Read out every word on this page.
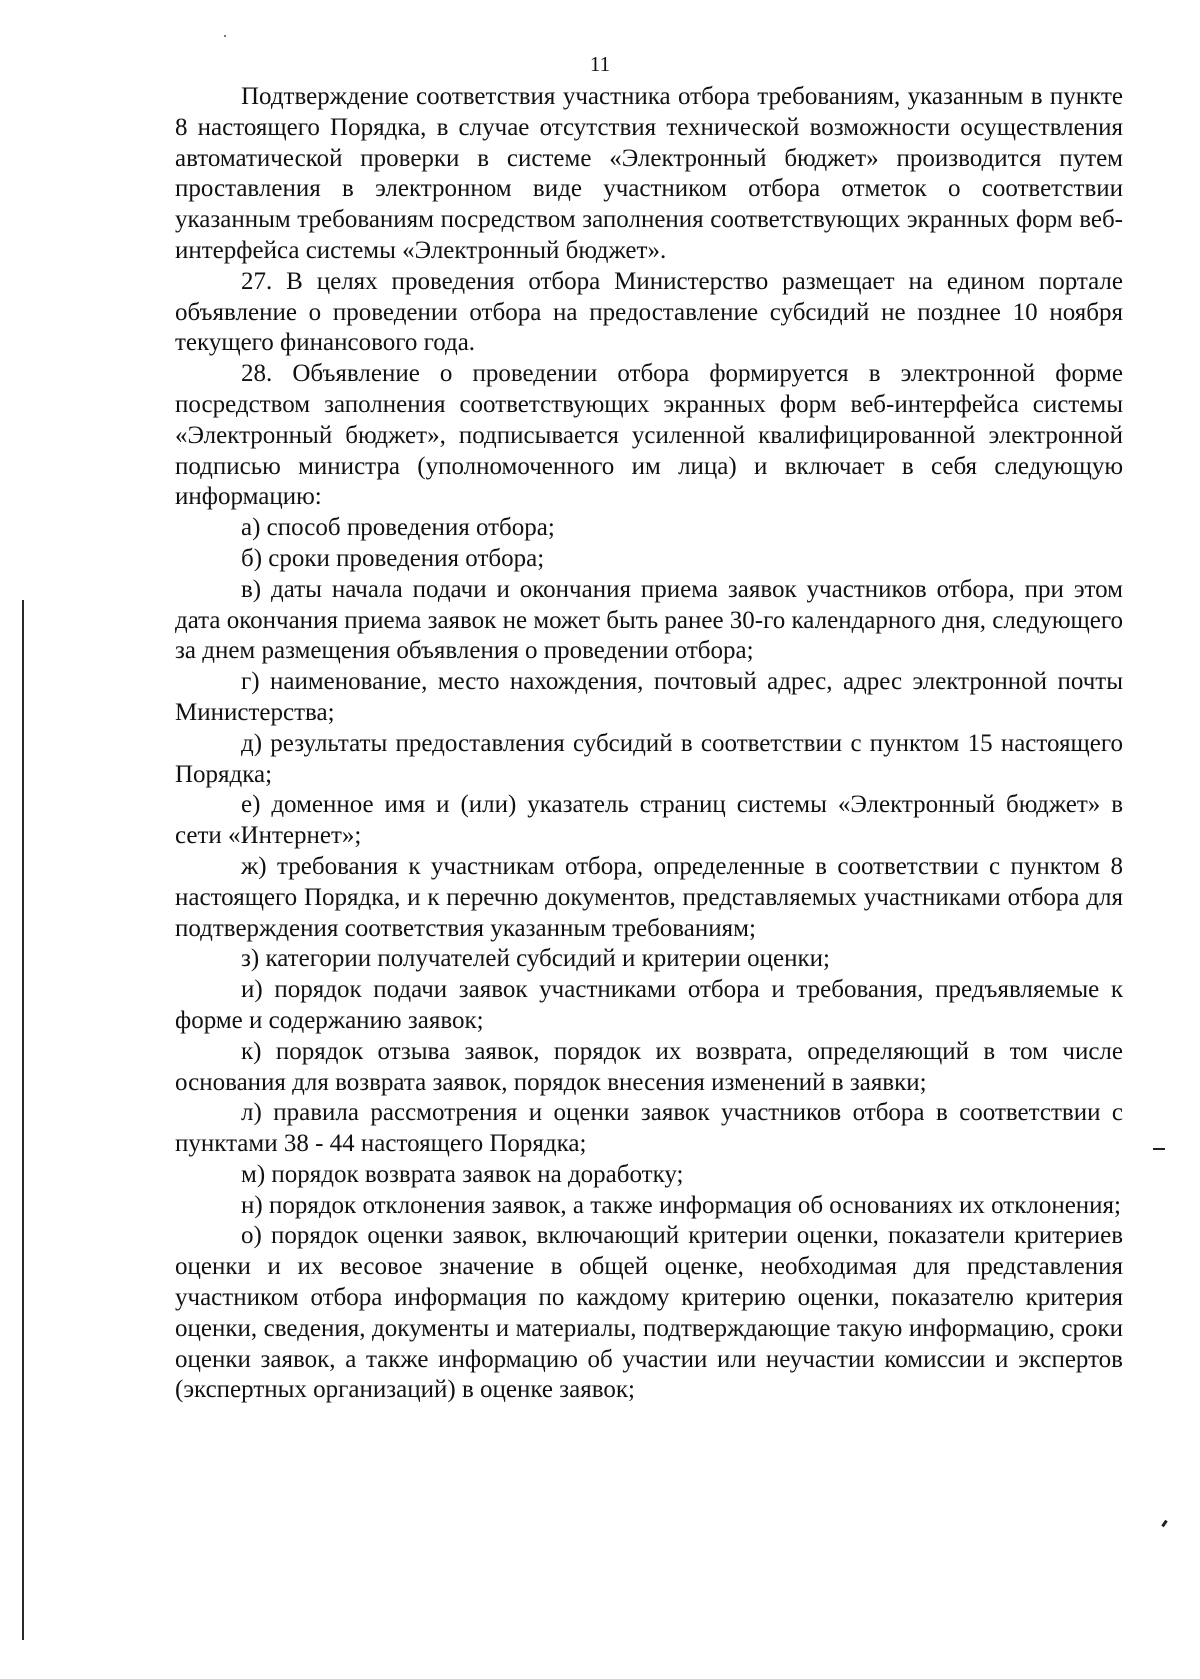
11

Подтверждение соответствия участника отбора требованиям, указанным в пункте 8 настоящего Порядка, в случае отсутствия технической возможности осуществления автоматической проверки в системе «Электронный бюджет» производится путем проставления в электронном виде участником отбора отметок о соответствии указанным требованиям посредством заполнения соответствующих экранных форм веб-интерфейса системы «Электронный бюджет».

27. В целях проведения отбора Министерство размещает на едином портале объявление о проведении отбора на предоставление субсидий не позднее 10 ноября текущего финансового года.

28. Объявление о проведении отбора формируется в электронной форме посредством заполнения соответствующих экранных форм веб-интерфейса системы «Электронный бюджет», подписывается усиленной квалифицированной электронной подписью министра (уполномоченного им лица) и включает в себя следующую информацию:

а) способ проведения отбора;

б) сроки проведения отбора;

в) даты начала подачи и окончания приема заявок участников отбора, при этом дата окончания приема заявок не может быть ранее 30-го календарного дня, следующего за днем размещения объявления о проведении отбора;

г) наименование, место нахождения, почтовый адрес, адрес электронной почты Министерства;

д) результаты предоставления субсидий в соответствии с пунктом 15 настоящего Порядка;

е) доменное имя и (или) указатель страниц системы «Электронный бюджет» в сети «Интернет»;

ж) требования к участникам отбора, определенные в соответствии с пунктом 8 настоящего Порядка, и к перечню документов, представляемых участниками отбора для подтверждения соответствия указанным требованиям;

з) категории получателей субсидий и критерии оценки;

и) порядок подачи заявок участниками отбора и требования, предъявляемые к форме и содержанию заявок;

к) порядок отзыва заявок, порядок их возврата, определяющий в том числе основания для возврата заявок, порядок внесения изменений в заявки;

л) правила рассмотрения и оценки заявок участников отбора в соответствии с пунктами 38 - 44 настоящего Порядка;

м) порядок возврата заявок на доработку;

н) порядок отклонения заявок, а также информация об основаниях их отклонения;

о) порядок оценки заявок, включающий критерии оценки, показатели критериев оценки и их весовое значение в общей оценке, необходимая для представления участником отбора информация по каждому критерию оценки, показателю критерия оценки, сведения, документы и материалы, подтверждающие такую информацию, сроки оценки заявок, а также информацию об участии или неучастии комиссии и экспертов (экспертных организаций) в оценке заявок;
